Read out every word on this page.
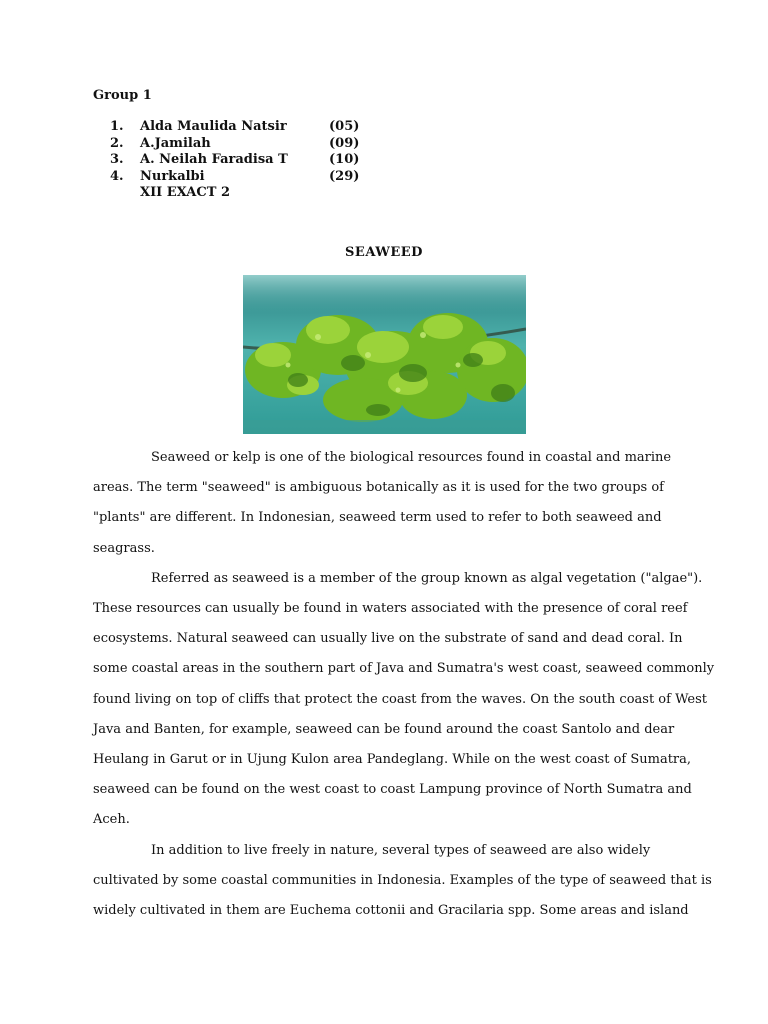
Group 1
1.	Alda Maulida Natsir	(05)
2.	A.Jamilah	(09)
3.	A. Neilah Faradisa T	(10)
4.	Nurkalbi	(29)
XII EXACT 2
SEAWEED

Seaweed or kelp is one of the biological resources found in coastal and marine
areas. The term "seaweed" is ambiguous botanically as it is used for the two groups of
"plants" are different. In Indonesian, seaweed term used to refer to both seaweed and
seagrass.

Referred as seaweed is a member of the group known as algal vegetation ("algae").
These resources can usually be found in waters associated with the presence of coral reef
ecosystems. Natural seaweed can usually live on the substrate of sand and dead coral. In
some coastal areas in the southern part of Java and Sumatra's west coast, seaweed commonly
found living on top of cliffs that protect the coast from the waves. On the south coast of West
Java and Banten, for example, seaweed can be found around the coast Santolo and dear
Heulang in Garut or in Ujung Kulon area Pandeglang. While on the west coast of Sumatra,
seaweed can be found on the west coast to coast Lampung province of North Sumatra and
Aceh.

In addition to live freely in nature, several types of seaweed are also widely
cultivated by some coastal communities in Indonesia. Examples of the type of seaweed that is
widely cultivated in them are Euchema cottonii and Gracilaria spp. Some areas and island
